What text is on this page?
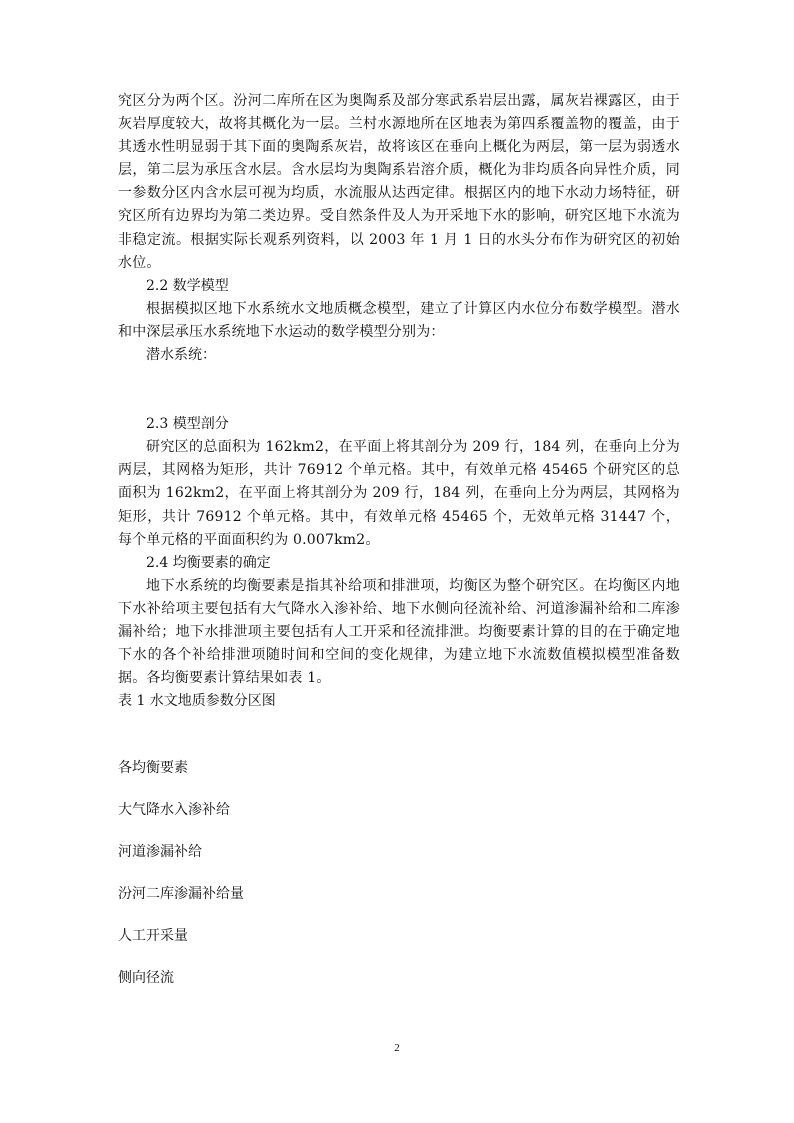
究区分为两个区。汾河二库所在区为奥陶系及部分寒武系岩层出露，属灰岩裸露区，由于灰岩厚度较大，故将其概化为一层。兰村水源地所在区地表为第四系覆盖物的覆盖，由于其透水性明显弱于其下面的奥陶系灰岩，故将该区在垂向上概化为两层，第一层为弱透水层，第二层为承压含水层。含水层均为奥陶系岩溶介质，概化为非均质各向异性介质，同一参数分区内含水层可视为均质，水流服从达西定律。根据区内的地下水动力场特征，研究区所有边界均为第二类边界。受自然条件及人为开采地下水的影响，研究区地下水流为非稳定流。根据实际长观系列资料，以 2003 年 1 月 1 日的水头分布作为研究区的初始水位。

2.2 数学模型

根据模拟区地下水系统水文地质概念模型，建立了计算区内水位分布数学模型。潜水和中深层承压水系统地下水运动的数学模型分别为：

潜水系统：

2.3 模型剖分

研究区的总面积为 162km2，在平面上将其剖分为 209 行，184 列，在垂向上分为两层，其网格为矩形，共计 76912 个单元格。其中，有效单元格 45465 个研究区的总面积为 162km2，在平面上将其剖分为 209 行，184 列，在垂向上分为两层，其网格为矩形，共计 76912 个单元格。其中，有效单元格 45465 个，无效单元格 31447 个，每个单元格的平面面积约为 0.007km2。

2.4 均衡要素的确定

地下水系统的均衡要素是指其补给项和排泄项，均衡区为整个研究区。在均衡区内地下水补给项主要包括有大气降水入渗补给、地下水侧向径流补给、河道渗漏补给和二库渗漏补给；地下水排泄项主要包括有人工开采和径流排泄。均衡要素计算的目的在于确定地下水的各个补给排泄项随时间和空间的变化规律，为建立地下水流数值模拟模型准备数据。各均衡要素计算结果如表 1。

表 1 水文地质参数分区图

各均衡要素

大气降水入渗补给

河道渗漏补给

汾河二库渗漏补给量

人工开采量

侧向径流

2
